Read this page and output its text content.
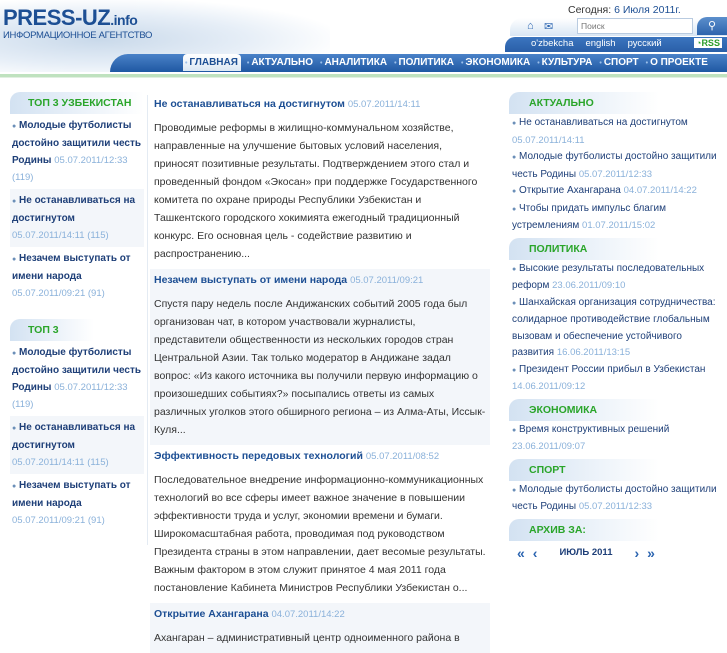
PRESS-UZ.info
ИНФОРМАЦИОННОЕ АГЕНТСТВО
Сегодня: 6 Июля 2011г.
⌂ ✉
Поиск	⚲
o'zbekcha english русский	◔RSS
• ГЛАВНАЯ	• АКТУАЛЬНО	• АНАЛИТИКА	• ПОЛИТИКА	• ЭКОНОМИКА	• КУЛЬТУРА	• СПОРТ	• О ПРОЕКТЕ
ТОП 3 УЗБЕКИСТАН
● Молодые футболисты достойно защитили честь Родины 05.07.2011/12:33 (119)
● Не останавливаться на достигнутом 05.07.2011/14:11 (115)
● Незачем выступать от имени народа 05.07.2011/09:21 (91)
ТОП 3
● Молодые футболисты достойно защитили честь Родины 05.07.2011/12:33 (119)
● Не останавливаться на достигнутом 05.07.2011/14:11 (115)
● Незачем выступать от имени народа 05.07.2011/09:21 (91)
Не останавливаться на достигнутом 05.07.2011/14:11
Проводимые реформы в жилищно-коммунальном хозяйстве, направленные на улучшение бытовых условий населения, приносят позитивные результаты. Подтверждением этого стал и проведенный фондом «Экосан» при поддержке Государственного комитета по охране природы Республики Узбекистан и Ташкентского городского хокимията ежегодный традиционный конкурс. Его основная цель - содействие развитию и распространению...
Незачем выступать от имени народа 05.07.2011/09:21
Спустя пару недель после Андижанских событий 2005 года был организован чат, в котором участвовали журналисты, представители общественности из нескольких городов стран Центральной Азии. Так только модератор в Андижане задал вопрос: «Из какого источника вы получили первую информацию о произошедших событиях?» посыпались ответы из самых различных уголков этого обширного региона – из Алма-Аты, Иссык-Куля...
Эффективность передовых технологий 05.07.2011/08:52
Последовательное внедрение информационно-коммуникационных технологий во все сферы имеет важное значение в повышении эффективности труда и услуг, экономии времени и бумаги. Широкомасштабная работа, проводимая под руководством Президента страны в этом направлении, дает весомые результаты. Важным фактором в этом служит принятое 4 мая 2011 года постановление Кабинета Министров Республики Узбекистан о...
Открытие Ахангарана 04.07.2011/14:22
Ахангаран – административный центр одноименного района в
АКТУАЛЬНО
● Не останавливаться на достигнутом 05.07.2011/14:11
● Молодые футболисты достойно защитили честь Родины 05.07.2011/12:33
● Открытие Ахангарана 04.07.2011/14:22
● Чтобы придать импульс благим устремлениям 01.07.2011/15:02
ПОЛИТИКА
● Высокие результаты последовательных реформ 23.06.2011/09:10
● Шанхайская организация сотрудничества: солидарное противодействие глобальным вызовам и обеспечение устойчивого развития 16.06.2011/13:15
● Президент России прибыл в Узбекистан 14.06.2011/09:12
ЭКОНОМИКА
● Время конструктивных решений 23.06.2011/09:07
СПОРТ
● Молодые футболисты достойно защитили честь Родины 05.07.2011/12:33
АРХИВ ЗА:
« ‹ ИЮЛЬ 2011 › »
